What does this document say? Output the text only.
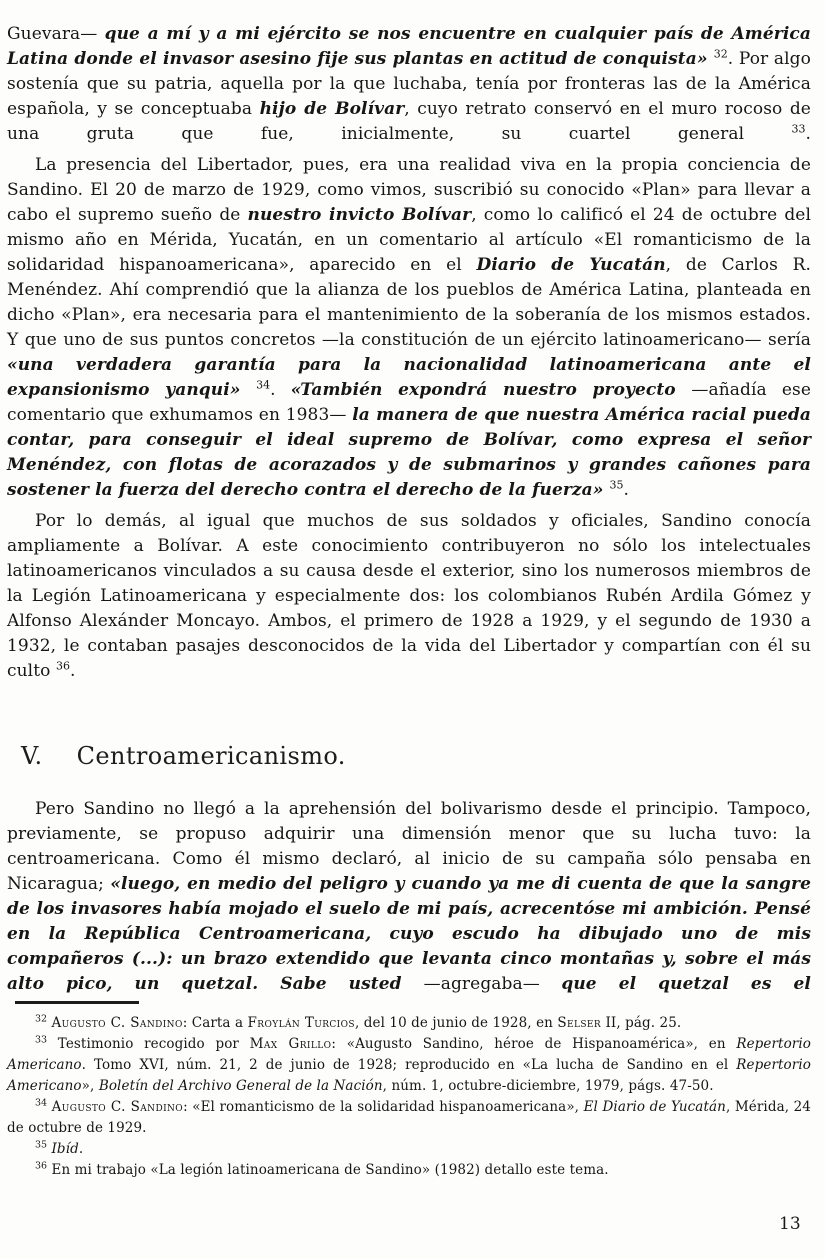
Guevara— que a mí y a mi ejército se nos encuentre en cualquier país de América Latina donde el invasor asesino fije sus plantas en actitud de conquista» $^{32}$. Por algo sostenía que su patria, aquella por la que luchaba, tenía por fronteras las de la América española, y se conceptuaba hijo de Bolívar, cuyo retrato conservó en el muro rocoso de una gruta que fue, inicialmente, su cuartel general $^{33}$.

La presencia del Libertador, pues, era una realidad viva en la propia conciencia de Sandino. El 20 de marzo de 1929, como vimos, suscribió su conocido «Plan» para llevar a cabo el supremo sueño de nuestro invicto Bolívar, como lo calificó el 24 de octubre del mismo año en Mérida, Yucatán, en un comentario al artículo «El romanticismo de la solidaridad hispanoamericana», aparecido en el Diario de Yucatán, de Carlos R. Menéndez. Ahí comprendió que la alianza de los pueblos de América Latina, planteada en dicho «Plan», era necesaria para el mantenimiento de la soberanía de los mismos estados. Y que uno de sus puntos concretos —la constitución de un ejército latinoamericano— sería «una verdadera garantía para la nacionalidad latinoamericana ante el expansionismo yanqui» $^{34}$. «También expondrá nuestro proyecto —añadía ese comentario que exhumamos en 1983— la manera de que nuestra América racial pueda contar, para conseguir el ideal supremo de Bolívar, como expresa el señor Menéndez, con flotas de acorazados y de submarinos y grandes cañones para sostener la fuerza del derecho contra el derecho de la fuerza» $^{35}$.

Por lo demás, al igual que muchos de sus soldados y oficiales, Sandino conocía ampliamente a Bolívar. A este conocimiento contribuyeron no sólo los intelectuales latinoamericanos vinculados a su causa desde el exterior, sino los numerosos miembros de la Legión Latinoamericana y especialmente dos: los colombianos Rubén Ardila Gómez y Alfonso Alexánder Moncayo. Ambos, el primero de 1928 a 1929, y el segundo de 1930 a 1932, le contaban pasajes desconocidos de la vida del Libertador y compartían con él su culto $^{36}$.

V. Centroamericanismo.

Pero Sandino no llegó a la aprehensión del bolivarismo desde el principio. Tampoco, previamente, se propuso adquirir una dimensión menor que su lucha tuvo: la centroamericana. Como él mismo declaró, al inicio de su campaña sólo pensaba en Nicaragua; «luego, en medio del peligro y cuando ya me di cuenta de que la sangre de los invasores había mojado el suelo de mi país, acrecentóse mi ambición. Pensé en la República Centroamericana, cuyo escudo ha dibujado uno de mis compañeros (...): un brazo extendido que levanta cinco montañas y, sobre el más alto pico, un quetzal. Sabe usted —agregaba— que el quetzal es el

$^{32}$ Augusto C. Sandino: Carta a Froylán Turcios, del 10 de junio de 1928, en Selser II, pág. 25.

$^{33}$ Testimonio recogido por Max Grillo: «Augusto Sandino, héroe de Hispanoamérica», en Repertorio Americano. Tomo XVI, núm. 21, 2 de junio de 1928; reproducido en «La lucha de Sandino en el Repertorio Americano», Boletín del Archivo General de la Nación, núm. 1, octubre-diciembre, 1979, págs. 47-50.

$^{34}$ Augusto C. Sandino: «El romanticismo de la solidaridad hispanoamericana», El Diario de Yucatán, Mérida, 24 de octubre de 1929.

$^{35}$ Ibíd.

$^{36}$ En mi trabajo «La legión latinoamericana de Sandino» (1982) detallo este tema.

13
